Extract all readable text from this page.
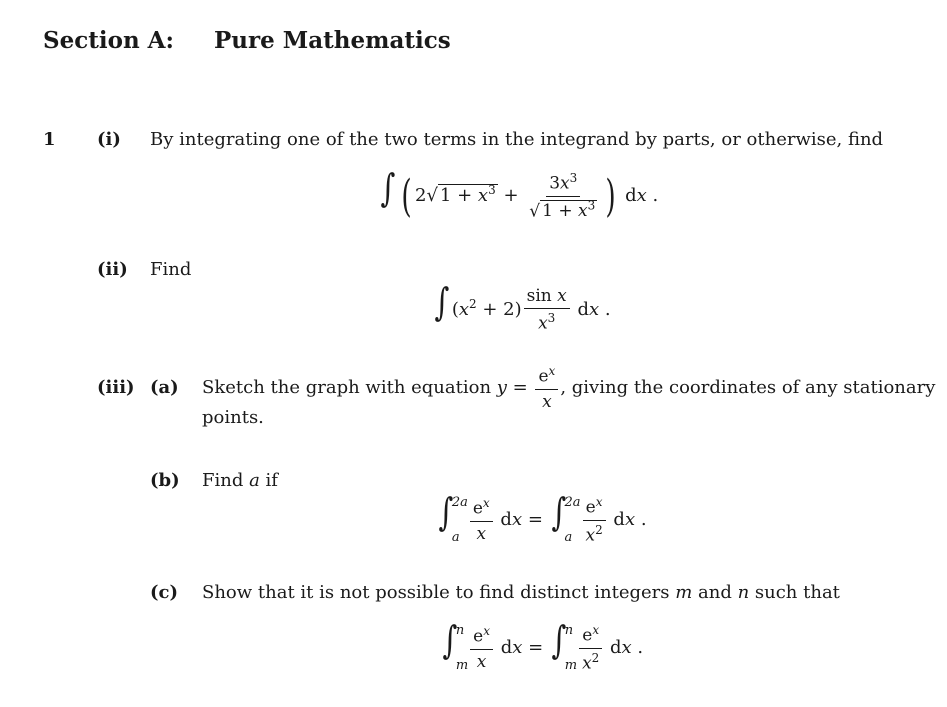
Section A: Pure Mathematics
1 (i) By integrating one of the two terms in the integrand by parts, or otherwise, find
∫ ( 2√ $1 + x^3 + \frac{3x^3}{√ 1 + x^3}$ ) dx .
(ii) Find
∫ $(x^2 + 2) \frac{\text{sin x}}{x^3}$ dx .
(iii) (a) Sketch the graph with equation $y = \frac{e^x}{x}$ , giving the coordinates of any stationary
points.
(b) Find a if
∫
2a
a $\frac{e^x}{x}$ dx = ∫
2a
a $\frac{e^x}{x^2}$ dx .
(c) Show that it is not possible to find distinct integers m and n such that
∫
n
m $\frac{e^x}{x}$ dx = ∫
n
m $\frac{e^x}{x^2}$ dx .
